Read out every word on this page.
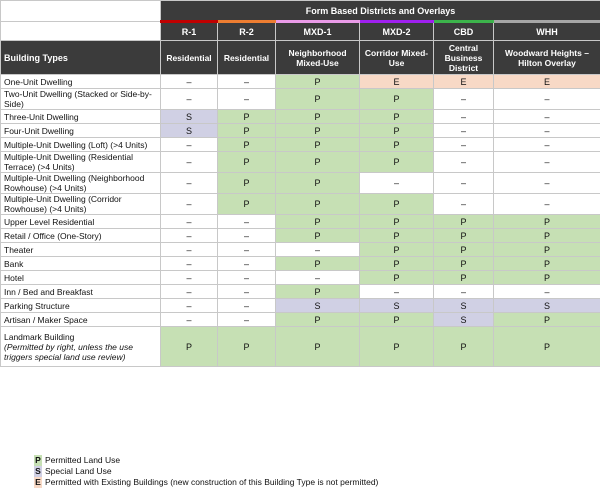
	Form Based Districts and Overlays					
	R-1	R-2	MXD-1	MXD-2	CBD	WHH
Building Types	Residential	Residential	Neighborhood Mixed-Use	Corridor Mixed-Use	Central Business District	Woodward Heights – Hilton Overlay
One-Unit Dwelling	–	–	P	E	E	E
Two-Unit Dwelling (Stacked or Side-by-Side)	–	–	P	P	–	–
Three-Unit Dwelling	S	P	P	P	–	–
Four-Unit Dwelling	S	P	P	P	–	–
Multiple-Unit Dwelling (Loft) (>4 Units)	–	P	P	P	–	–
Multiple-Unit Dwelling (Residential Terrace) (>4 Units)	–	P	P	P	–	–
Multiple-Unit Dwelling (Neighborhood Rowhouse) (>4 Units)	–	P	P	–	–	–
Multiple-Unit Dwelling (Corridor Rowhouse) (>4 Units)	–	P	P	P	–	–
Upper Level Residential	–	–	P	P	P	P
Retail / Office (One-Story)	–	–	P	P	P	P
Theater	–	–	–	P	P	P
Bank	–	–	P	P	P	P
Hotel	–	–	–	P	P	P
Inn / Bed and Breakfast	–	–	P	–	–	–
Parking Structure	–	–	S	S	S	S
Artisan / Maker Space	–	–	P	P	S	P
Landmark Building
(Permitted by right, unless the use triggers special land use review)	P	P	P	P	P	P
P Permitted Land Use
S Special Land Use
E Permitted with Existing Buildings (new construction of this Building Type is not permitted)
